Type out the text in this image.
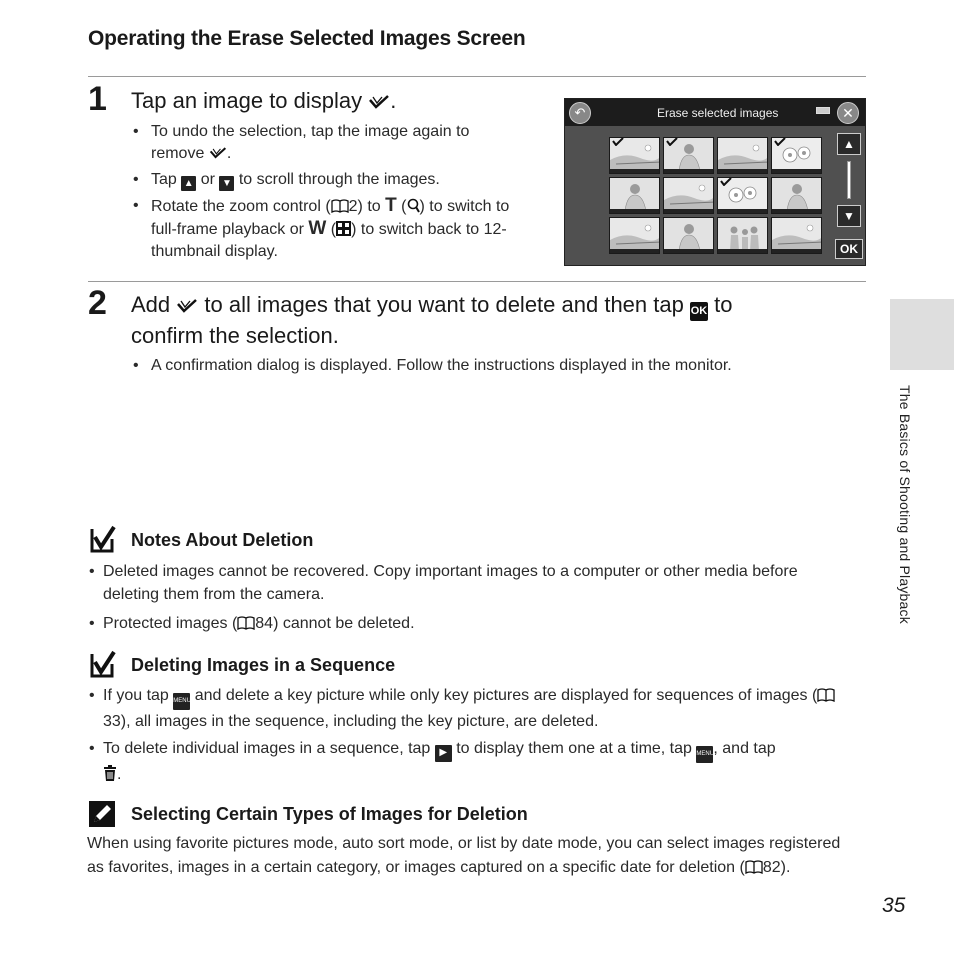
Operating the Erase Selected Images Screen
1 Tap an image to display .
• To undo the selection, tap the image again to remove .
• Tap ▲ or ▼ to scroll through the images.
• Rotate the zoom control ( 2) to T ( ) to switch to full-frame playback or W ( ) to switch back to 12-thumbnail display.
↶	Erase selected images	✕
▲
▼
OK
2 Add to all images that you want to delete and then tap OK to
confirm the selection.
• A confirmation dialog is displayed. Follow the instructions displayed in the monitor.
Notes About Deletion
• Deleted images cannot be recovered. Copy important images to a computer or other media before deleting them from the camera.
• Protected images ( 84) cannot be deleted.
Deleting Images in a Sequence
• If you tap MENU and delete a key picture while only key pictures are displayed for sequences of images (33), all images in the sequence, including the key picture, are deleted.
• To delete individual images in a sequence, tap ▶ to display them one at a time, tap MENU, and tap
.
Selecting Certain Types of Images for Deletion
When using favorite pictures mode, auto sort mode, or list by date mode, you can select images registered as favorites, images in a certain category, or images captured on a specific date for deletion ( 82).
The Basics of Shooting and Playback
35
